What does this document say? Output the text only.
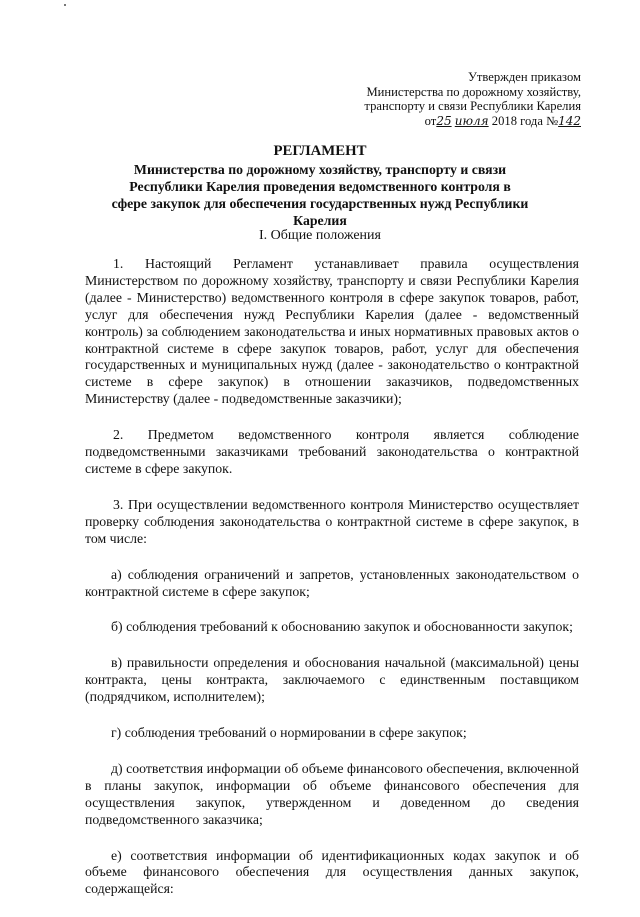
Утвержден приказом
Министерства по дорожному хозяйству,
транспорту и связи Республики Карелия
от25 июля 2018 года №142
РЕГЛАМЕНТ
Министерства по дорожному хозяйству, транспорту и связи Республики Карелия проведения ведомственного контроля в сфере закупок для обеспечения государственных нужд Республики Карелия
I. Общие положения

1. Настоящий Регламент устанавливает правила осуществления Министерством по дорожному хозяйству, транспорту и связи Республики Карелия (далее - Министерство) ведомственного контроля в сфере закупок товаров, работ, услуг для обеспечения нужд Республики Карелия (далее - ведомственный контроль) за соблюдением законодательства и иных нормативных правовых актов о контрактной системе в сфере закупок товаров, работ, услуг для обеспечения государственных и муниципальных нужд (далее - законодательство о контрактной системе в сфере закупок) в отношении заказчиков, подведомственных Министерству (далее - подведомственные заказчики);

2. Предметом ведомственного контроля является соблюдение подведомственными заказчиками требований законодательства о контрактной системе в сфере закупок.

3. При осуществлении ведомственного контроля Министерство осуществляет проверку соблюдения законодательства о контрактной системе в сфере закупок, в том числе:

а) соблюдения ограничений и запретов, установленных законодательством о контрактной системе в сфере закупок;

б) соблюдения требований к обоснованию закупок и обоснованности закупок;

в) правильности определения и обоснования начальной (максимальной) цены контракта, цены контракта, заключаемого с единственным поставщиком (подрядчиком, исполнителем);

г) соблюдения требований о нормировании в сфере закупок;

д) соответствия информации об объеме финансового обеспечения, включенной в планы закупок, информации об объеме финансового обеспечения для осуществления закупок, утвержденном и доведенном до сведения подведомственного заказчика;

е) соответствия информации об идентификационных кодах закупок и об объеме финансового обеспечения для осуществления данных закупок, содержащейся:
